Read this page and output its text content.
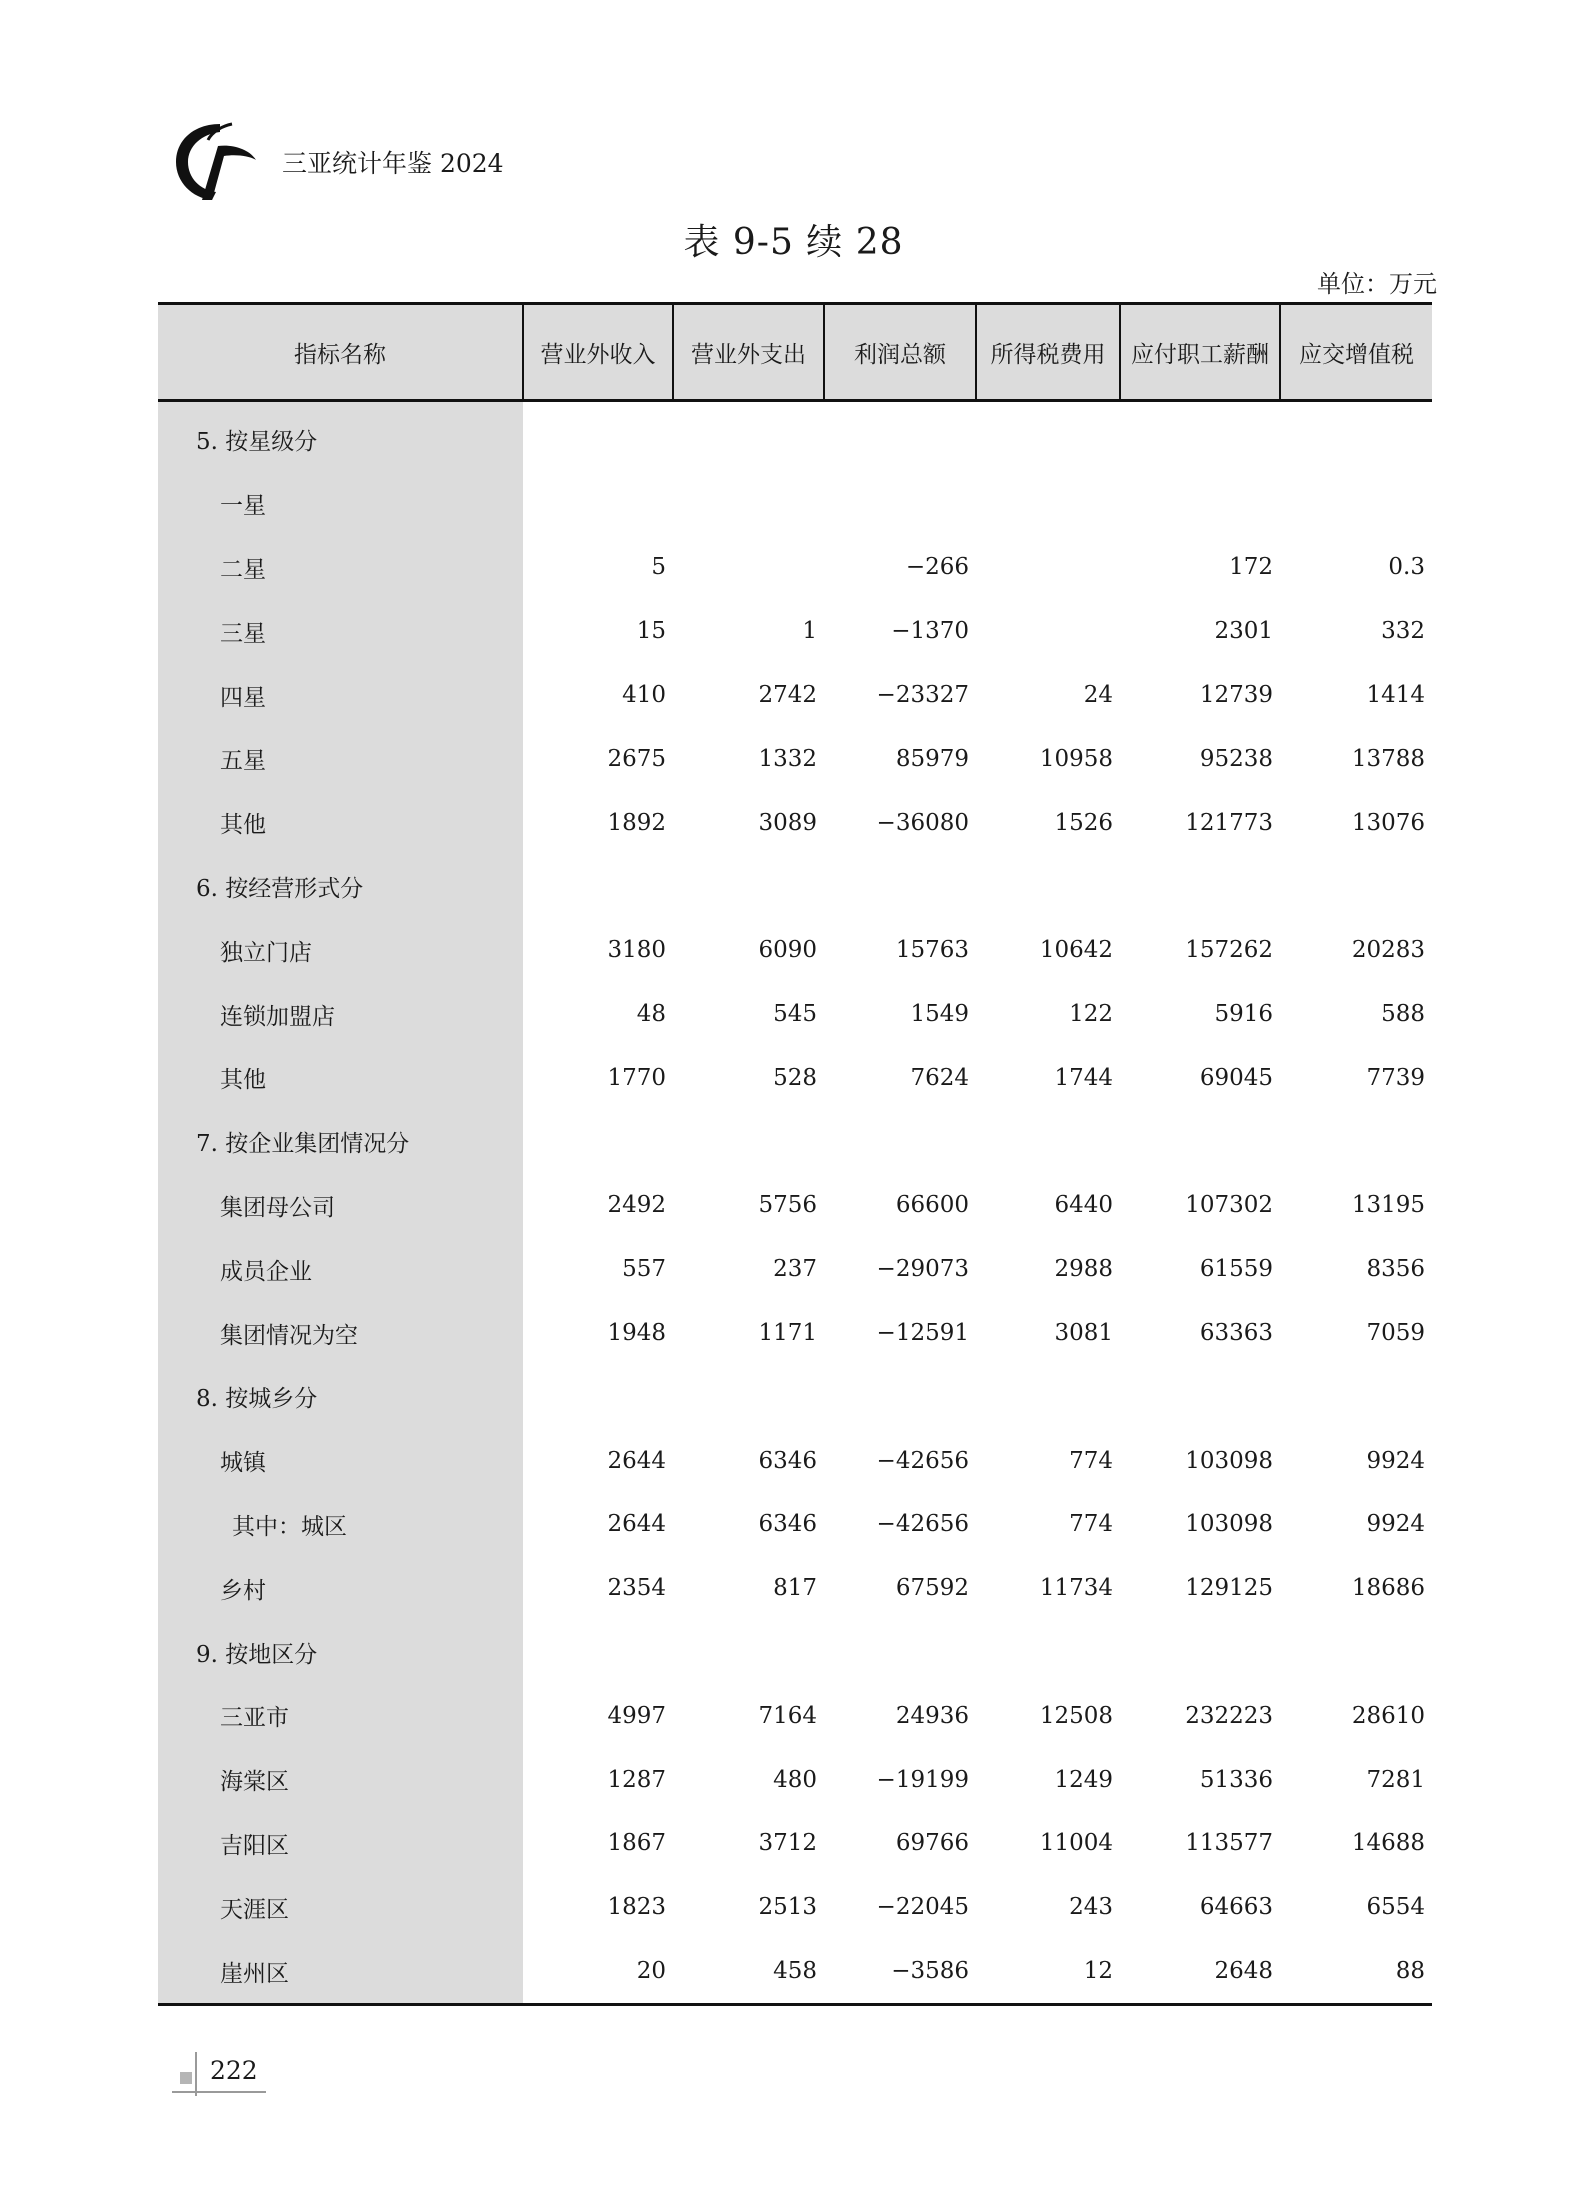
三亚统计年鉴 2024
表 9-5 续 28
单位：万元
指标名称	营业外收入	营业外支出	利润总额	所得税费用	应付职工薪酬	应交增值税
5. 按星级分						
一星						
二星	5		−266		172	0.3
三星	15	1	−1370		2301	332
四星	410	2742	−23327	24	12739	1414
五星	2675	1332	85979	10958	95238	13788
其他	1892	3089	−36080	1526	121773	13076
6. 按经营形式分						
独立门店	3180	6090	15763	10642	157262	20283
连锁加盟店	48	545	1549	122	5916	588
其他	1770	528	7624	1744	69045	7739
7. 按企业集团情况分						
集团母公司	2492	5756	66600	6440	107302	13195
成员企业	557	237	−29073	2988	61559	8356
集团情况为空	1948	1171	−12591	3081	63363	7059
8. 按城乡分						
城镇	2644	6346	−42656	774	103098	9924
其中：城区	2644	6346	−42656	774	103098	9924
乡村	2354	817	67592	11734	129125	18686
9. 按地区分						
三亚市	4997	7164	24936	12508	232223	28610
海棠区	1287	480	−19199	1249	51336	7281
吉阳区	1867	3712	69766	11004	113577	14688
天涯区	1823	2513	−22045	243	64663	6554
崖州区	20	458	−3586	12	2648	88
222
